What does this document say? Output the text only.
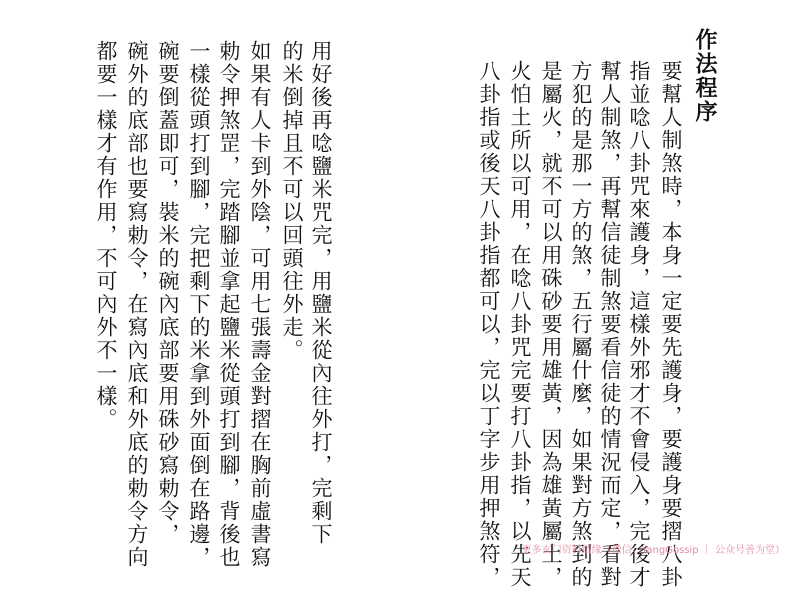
作法程序
要幫人制煞時，本身一定要先護身，要護身要摺八卦
指並唸八卦咒來護身，這樣外邪才不會侵入，完後才
幫人制煞，再幫信徒制煞要看信徒的情況而定，看對
方犯的是那一方的煞，五行屬什麼，如果對方煞到的
是屬火，就不可以用硃砂要用雄黃，因為雄黃屬土，
火怕土所以可用，在唸八卦咒完要打八卦指，以先天
八卦指或後天八卦指都可以，完以丁字步用押煞符，
用好後再唸鹽米咒完，用鹽米從內往外打，完剩下
的米倒掉且不可以回頭往外走。
如果有人卡到外陰，可用七張壽金對摺在胸前虛書寫
勅令押煞罡，完踏腳並拿起鹽米從頭打到腳，背後也
一樣從頭打到腳，完把剩下的米拿到外面倒在路邊，
碗要倒蓋即可，裝米的碗內底部要用硃砂寫勅令，
碗外的底部也要寫勅令，在寫內底和外底的勅令方向
都要一樣才有作用，不可內外不一樣。
更多玄门资料结缘（微信：YangGossip ｜ 公众号善为堂）
